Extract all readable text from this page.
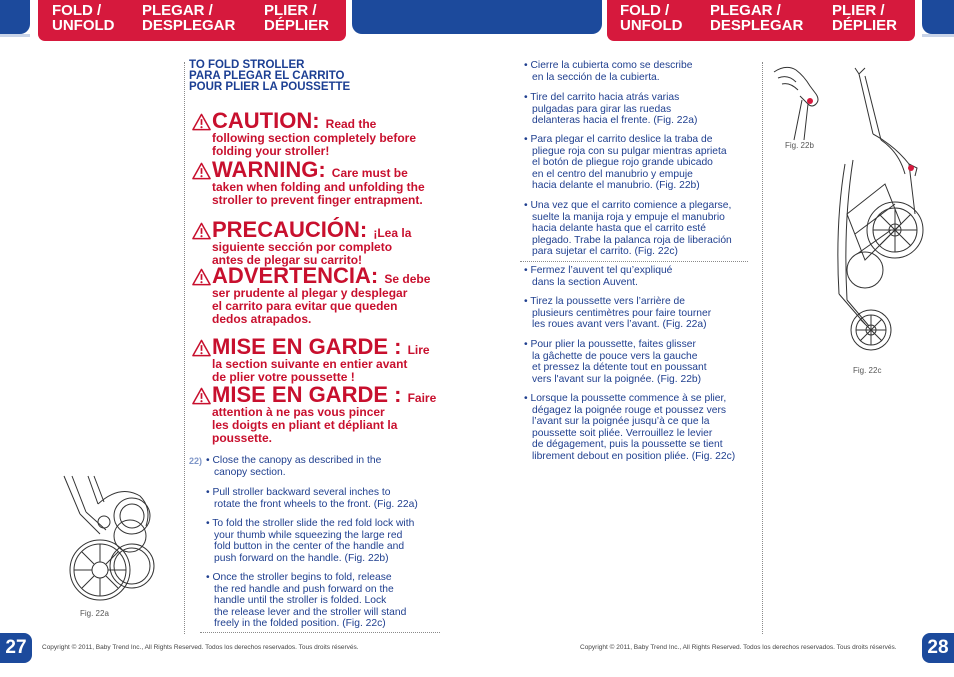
FOLD /
UNFOLD
PLEGAR /
DESPLEGAR
PLIER /
DÉPLIER
FOLD /
UNFOLD
PLEGAR /
DESPLEGAR
PLIER /
DÉPLIER
TO FOLD STROLLER
PARA PLEGAR EL CARRITO
POUR PLIER LA POUSSETTE
CAUTION: Read the
following section completely before
folding your stroller!
WARNING: Care must be
taken when folding and unfolding the
stroller to prevent finger entrapment.
PRECAUCIÓN: ¡Lea la
siguiente sección por completo
antes de plegar su carrito!
ADVERTENCIA: Se debe
ser prudente al plegar y desplegar
el carrito para evitar que queden
dedos atrapados.
MISE EN GARDE : Lire
la section suivante en entier avant
de plier votre poussette !
MISE EN GARDE : Faire
attention à ne pas vous pincer
les doigts en pliant et dépliant la
poussette.
22) • Close the canopy as described in the
canopy section.
• Pull stroller backward several inches to
rotate the front wheels to the front. (Fig. 22a)
• To fold the stroller slide the red fold lock with
your thumb while squeezing the large red
fold button in the center of the handle and
push forward on the handle. (Fig. 22b)
• Once the stroller begins to fold, release
the red handle and push forward on the
handle until the stroller is folded. Lock
the release lever and the stroller will stand
freely in the folded position. (Fig. 22c)
• Cierre la cubierta como se describe
en la sección de la cubierta.
• Tire del carrito hacia atrás varias
pulgadas para girar las ruedas
delanteras hacia el frente. (Fig. 22a)
• Para plegar el carrito deslice la traba de
pliegue roja con su pulgar mientras aprieta
el botón de pliegue rojo grande ubicado
en el centro del manubrio y empuje
hacia delante el manubrio. (Fig. 22b)
• Una vez que el carrito comience a plegarse,
suelte la manija roja y empuje el manubrio
hacia delante hasta que el carrito esté
plegado. Trabe la palanca roja de liberación
para sujetar el carrito. (Fig. 22c)
• Fermez l’auvent tel qu’expliqué
dans la section Auvent.
• Tirez la poussette vers l’arrière de
plusieurs centimètres pour faire tourner
les roues avant vers l’avant. (Fig. 22a)
• Pour plier la poussette, faites glisser
la gâchette de pouce vers la gauche
et pressez la détente tout en poussant
vers l'avant sur la poignée. (Fig. 22b)
• Lorsque la poussette commence à se plier,
dégagez la poignée rouge et poussez vers
l’avant sur la poignée jusqu’à ce que la
poussette soit pliée. Verrouillez le levier
de dégagement, puis la poussette se tient
librement debout en position pliée. (Fig. 22c)
Fig. 22a
Fig. 22b
Fig. 22c
27	28
Copyright © 2011, Baby Trend Inc., All Rights Reserved. Todos los derechos reservados. Tous droits réservés.	Copyright © 2011, Baby Trend Inc., All Rights Reserved. Todos los derechos reservados. Tous droits réservés.
